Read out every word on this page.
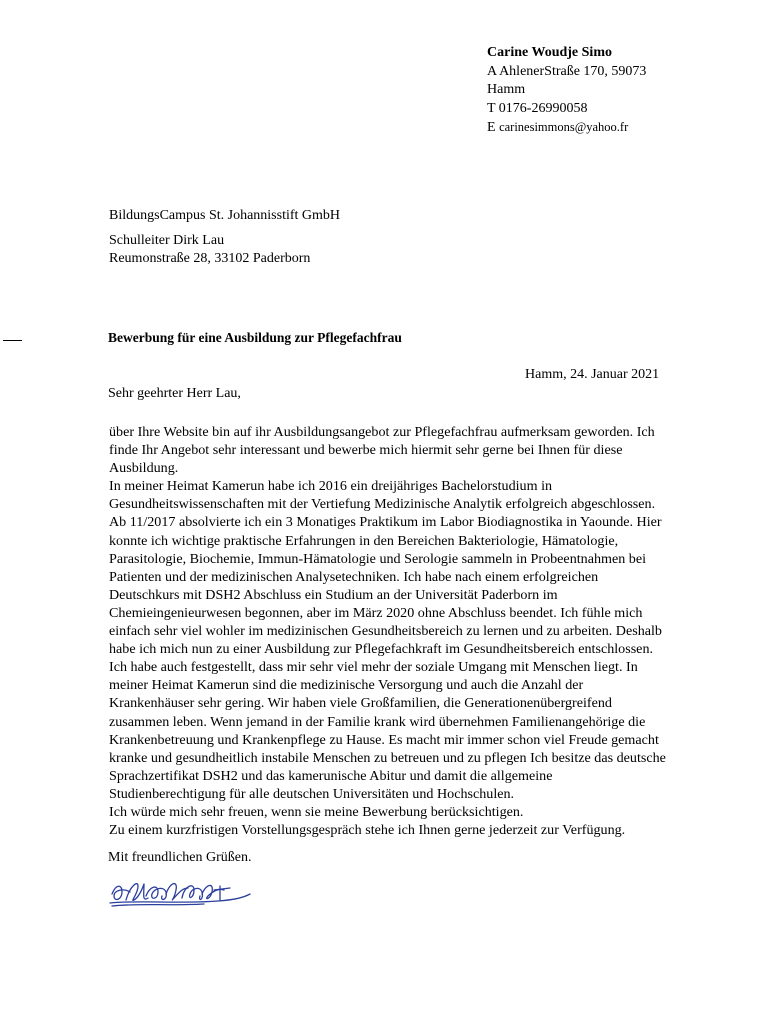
Carine Woudje Simo
A AhlenerStraße 170, 59073
Hamm
T 0176-26990058
E carinesimmons@yahoo.fr
BildungsCampus St. Johannisstift GmbH
Schulleiter Dirk Lau
Reumonstraße 28, 33102 Paderborn
Bewerbung für eine Ausbildung zur Pflegefachfrau
Hamm, 24. Januar 2021
Sehr geehrter Herr Lau,
über Ihre Website bin auf ihr Ausbildungsangebot zur Pflegefachfrau aufmerksam geworden. Ich
finde Ihr Angebot sehr interessant und bewerbe mich hiermit sehr gerne bei Ihnen für diese
Ausbildung.
In meiner Heimat Kamerun habe ich 2016 ein dreijähriges Bachelorstudium in
Gesundheitswissenschaften mit der Vertiefung Medizinische Analytik erfolgreich abgeschlossen.
Ab 11/2017 absolvierte ich ein 3 Monatiges Praktikum im Labor Biodiagnostika in Yaounde. Hier
konnte ich wichtige praktische Erfahrungen in den Bereichen Bakteriologie, Hämatologie,
Parasitologie, Biochemie, Immun-Hämatologie und Serologie sammeln in Probeentnahmen bei
Patienten und der medizinischen Analysetechniken. Ich habe nach einem erfolgreichen
Deutschkurs mit DSH2 Abschluss ein Studium an der Universität Paderborn im
Chemieingenieurwesen begonnen, aber im März 2020 ohne Abschluss beendet. Ich fühle mich
einfach sehr viel wohler im medizinischen Gesundheitsbereich zu lernen und zu arbeiten. Deshalb
habe ich mich nun zu einer Ausbildung zur Pflegefachkraft im Gesundheitsbereich entschlossen.
Ich habe auch festgestellt, dass mir sehr viel mehr der soziale Umgang mit Menschen liegt. In
meiner Heimat Kamerun sind die medizinische Versorgung und auch die Anzahl der
Krankenhäuser sehr gering. Wir haben viele Großfamilien, die Generationenübergreifend
zusammen leben. Wenn jemand in der Familie krank wird übernehmen Familienangehörige die
Krankenbetreuung und Krankenpflege zu Hause. Es macht mir immer schon viel Freude gemacht
kranke und gesundheitlich instabile Menschen zu betreuen und zu pflegen Ich besitze das deutsche
Sprachzertifikat DSH2 und das kamerunische Abitur und damit die allgemeine
Studienberechtigung für alle deutschen Universitäten und Hochschulen.
Ich würde mich sehr freuen, wenn sie meine Bewerbung berücksichtigen.
Zu einem kurzfristigen Vorstellungsgespräch stehe ich Ihnen gerne jederzeit zur Verfügung.
Mit freundlichen Grüßen.
